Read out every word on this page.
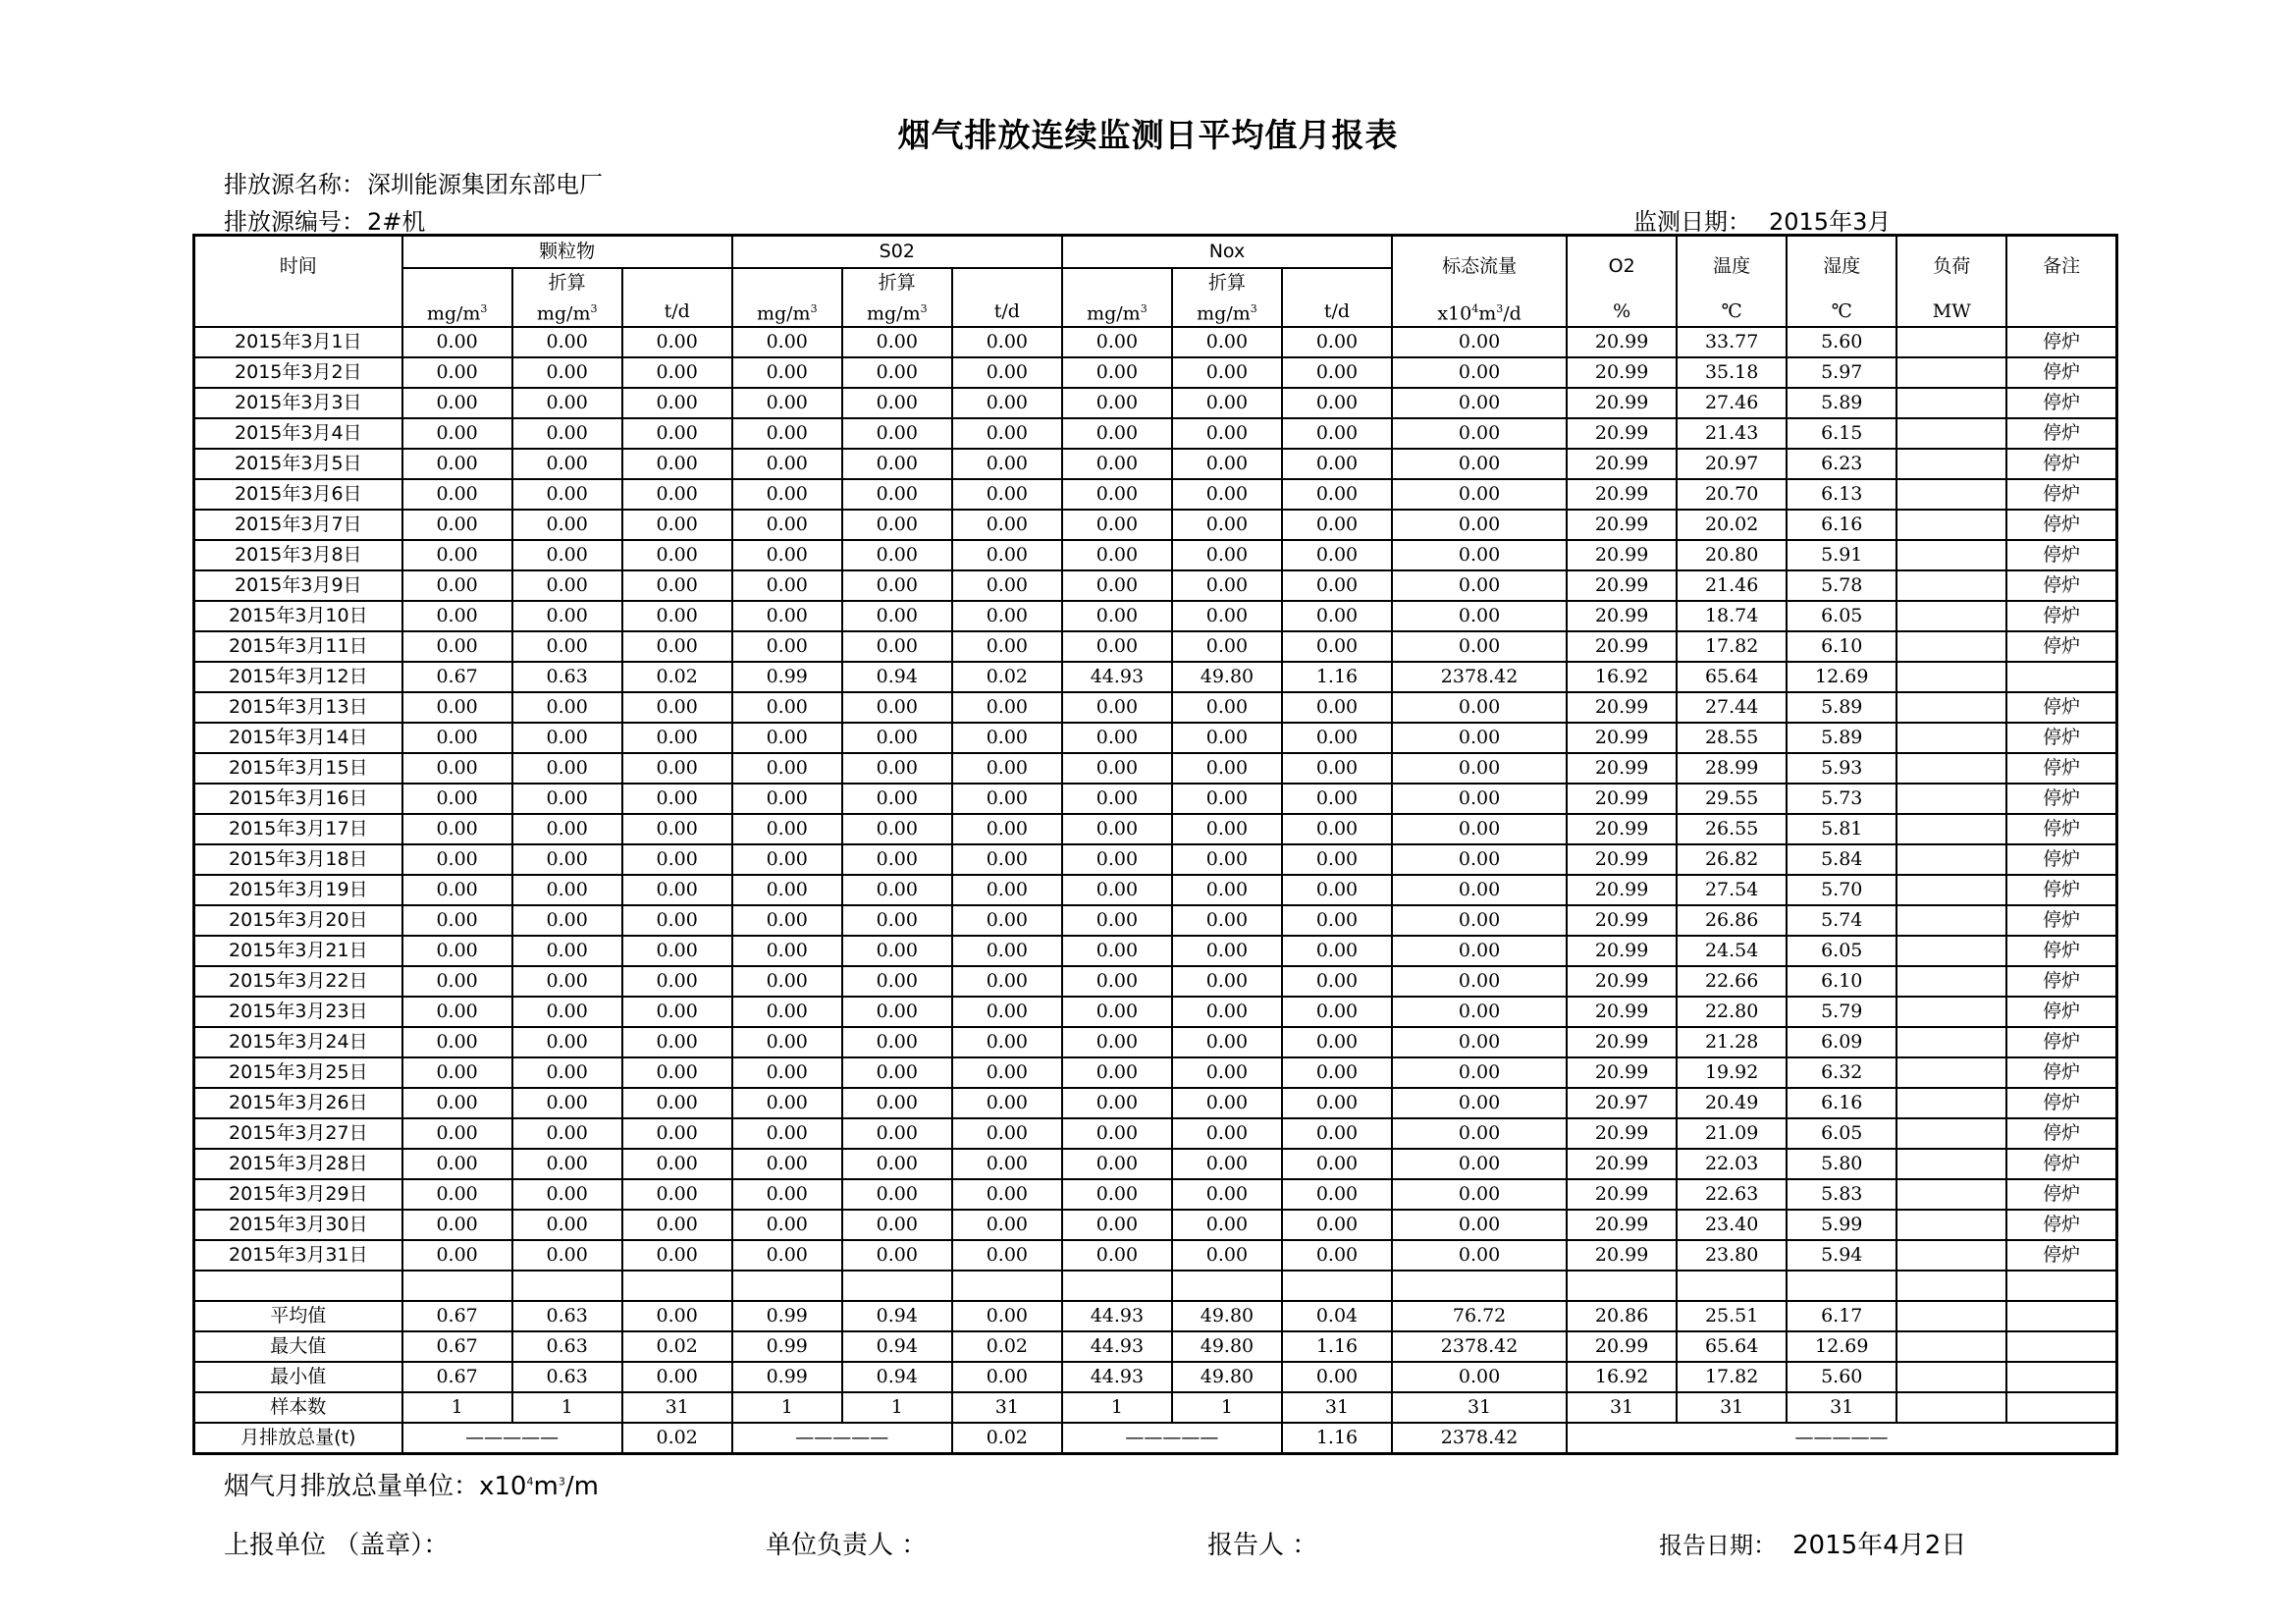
烟气排放连续监测日平均值月报表
排放源名称：深圳能源集团东部电厂
排放源编号：2#机	监测日期： 2015年3月
时间	颗粒物			S02			Nox			标态流量	O2	温度	湿度	负荷	备注
		折算			折算			折算							
	$mg/m^3$	$mg/m^3$	t/d	$mg/m^3$	$mg/m^3$	t/d	$mg/m^3$	$mg/m^3$	t/d	$x10^4m^3/d$	%	℃	℃	MW	
2015年3月1日	0.00	0.00	0.00	0.00	0.00	0.00	0.00	0.00	0.00	0.00	20.99	33.77	5.60		停炉
2015年3月2日	0.00	0.00	0.00	0.00	0.00	0.00	0.00	0.00	0.00	0.00	20.99	35.18	5.97		停炉
2015年3月3日	0.00	0.00	0.00	0.00	0.00	0.00	0.00	0.00	0.00	0.00	20.99	27.46	5.89		停炉
2015年3月4日	0.00	0.00	0.00	0.00	0.00	0.00	0.00	0.00	0.00	0.00	20.99	21.43	6.15		停炉
2015年3月5日	0.00	0.00	0.00	0.00	0.00	0.00	0.00	0.00	0.00	0.00	20.99	20.97	6.23		停炉
2015年3月6日	0.00	0.00	0.00	0.00	0.00	0.00	0.00	0.00	0.00	0.00	20.99	20.70	6.13		停炉
2015年3月7日	0.00	0.00	0.00	0.00	0.00	0.00	0.00	0.00	0.00	0.00	20.99	20.02	6.16		停炉
2015年3月8日	0.00	0.00	0.00	0.00	0.00	0.00	0.00	0.00	0.00	0.00	20.99	20.80	5.91		停炉
2015年3月9日	0.00	0.00	0.00	0.00	0.00	0.00	0.00	0.00	0.00	0.00	20.99	21.46	5.78		停炉
2015年3月10日	0.00	0.00	0.00	0.00	0.00	0.00	0.00	0.00	0.00	0.00	20.99	18.74	6.05		停炉
2015年3月11日	0.00	0.00	0.00	0.00	0.00	0.00	0.00	0.00	0.00	0.00	20.99	17.82	6.10		停炉
2015年3月12日	0.67	0.63	0.02	0.99	0.94	0.02	44.93	49.80	1.16	2378.42	16.92	65.64	12.69		
2015年3月13日	0.00	0.00	0.00	0.00	0.00	0.00	0.00	0.00	0.00	0.00	20.99	27.44	5.89		停炉
2015年3月14日	0.00	0.00	0.00	0.00	0.00	0.00	0.00	0.00	0.00	0.00	20.99	28.55	5.89		停炉
2015年3月15日	0.00	0.00	0.00	0.00	0.00	0.00	0.00	0.00	0.00	0.00	20.99	28.99	5.93		停炉
2015年3月16日	0.00	0.00	0.00	0.00	0.00	0.00	0.00	0.00	0.00	0.00	20.99	29.55	5.73		停炉
2015年3月17日	0.00	0.00	0.00	0.00	0.00	0.00	0.00	0.00	0.00	0.00	20.99	26.55	5.81		停炉
2015年3月18日	0.00	0.00	0.00	0.00	0.00	0.00	0.00	0.00	0.00	0.00	20.99	26.82	5.84		停炉
2015年3月19日	0.00	0.00	0.00	0.00	0.00	0.00	0.00	0.00	0.00	0.00	20.99	27.54	5.70		停炉
2015年3月20日	0.00	0.00	0.00	0.00	0.00	0.00	0.00	0.00	0.00	0.00	20.99	26.86	5.74		停炉
2015年3月21日	0.00	0.00	0.00	0.00	0.00	0.00	0.00	0.00	0.00	0.00	20.99	24.54	6.05		停炉
2015年3月22日	0.00	0.00	0.00	0.00	0.00	0.00	0.00	0.00	0.00	0.00	20.99	22.66	6.10		停炉
2015年3月23日	0.00	0.00	0.00	0.00	0.00	0.00	0.00	0.00	0.00	0.00	20.99	22.80	5.79		停炉
2015年3月24日	0.00	0.00	0.00	0.00	0.00	0.00	0.00	0.00	0.00	0.00	20.99	21.28	6.09		停炉
2015年3月25日	0.00	0.00	0.00	0.00	0.00	0.00	0.00	0.00	0.00	0.00	20.99	19.92	6.32		停炉
2015年3月26日	0.00	0.00	0.00	0.00	0.00	0.00	0.00	0.00	0.00	0.00	20.97	20.49	6.16		停炉
2015年3月27日	0.00	0.00	0.00	0.00	0.00	0.00	0.00	0.00	0.00	0.00	20.99	21.09	6.05		停炉
2015年3月28日	0.00	0.00	0.00	0.00	0.00	0.00	0.00	0.00	0.00	0.00	20.99	22.03	5.80		停炉
2015年3月29日	0.00	0.00	0.00	0.00	0.00	0.00	0.00	0.00	0.00	0.00	20.99	22.63	5.83		停炉
2015年3月30日	0.00	0.00	0.00	0.00	0.00	0.00	0.00	0.00	0.00	0.00	20.99	23.40	5.99		停炉
2015年3月31日	0.00	0.00	0.00	0.00	0.00	0.00	0.00	0.00	0.00	0.00	20.99	23.80	5.94		停炉

平均值	0.67	0.63	0.00	0.99	0.94	0.00	44.93	49.80	0.04	76.72	20.86	25.51	6.17		
最大值	0.67	0.63	0.02	0.99	0.94	0.02	44.93	49.80	1.16	2378.42	20.99	65.64	12.69		
最小值	0.67	0.63	0.00	0.99	0.94	0.00	44.93	49.80	0.00	0.00	16.92	17.82	5.60		
样本数	1	1	31	1	1	31	1	1	31	31	31	31	31		
月排放总量(t)	—————		0.02	—————		0.02	—————		1.16	2378.42	—————				
烟气月排放总量单位：$x10^4m^3/m$
上报单位 （盖章）：	单位负责人 ：	报告人 ：	报告日期： 2015年4月2日
